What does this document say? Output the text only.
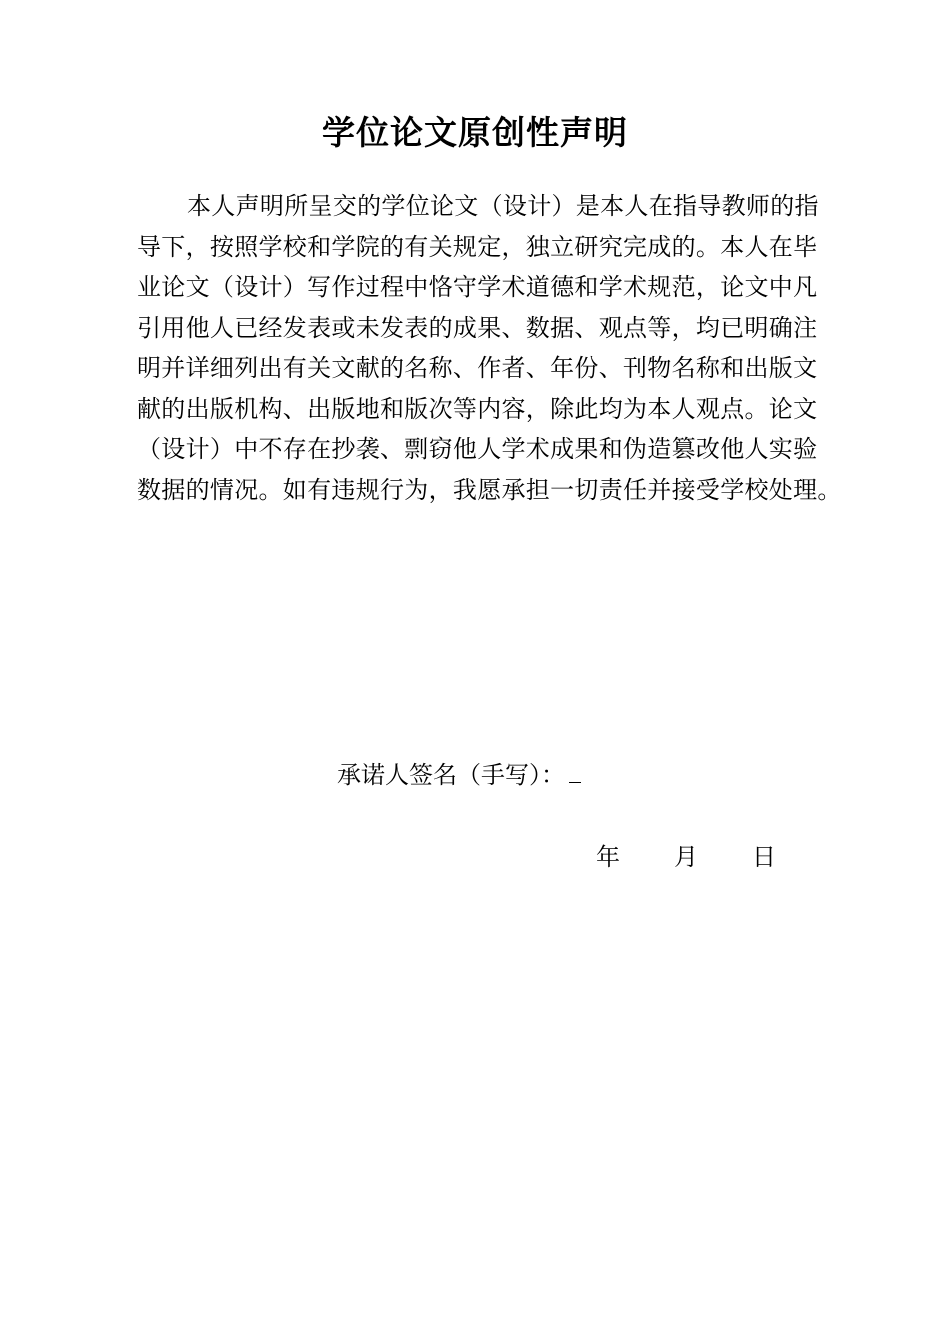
学位论文原创性声明
本人声明所呈交的学位论文（设计）是本人在指导教师的指
导下，按照学校和学院的有关规定，独立研究完成的。本人在毕
业论文（设计）写作过程中恪守学术道德和学术规范，论文中凡
引用他人已经发表或未发表的成果、数据、观点等，均已明确注
明并详细列出有关文献的名称、作者、年份、刊物名称和出版文
献的出版机构、出版地和版次等内容，除此均为本人观点。论文
（设计）中不存在抄袭、剽窃他人学术成果和伪造篡改他人实验
数据的情况。如有违规行为，我愿承担一切责任并接受学校处理。
承诺人签名（手写）：
年 月 日
